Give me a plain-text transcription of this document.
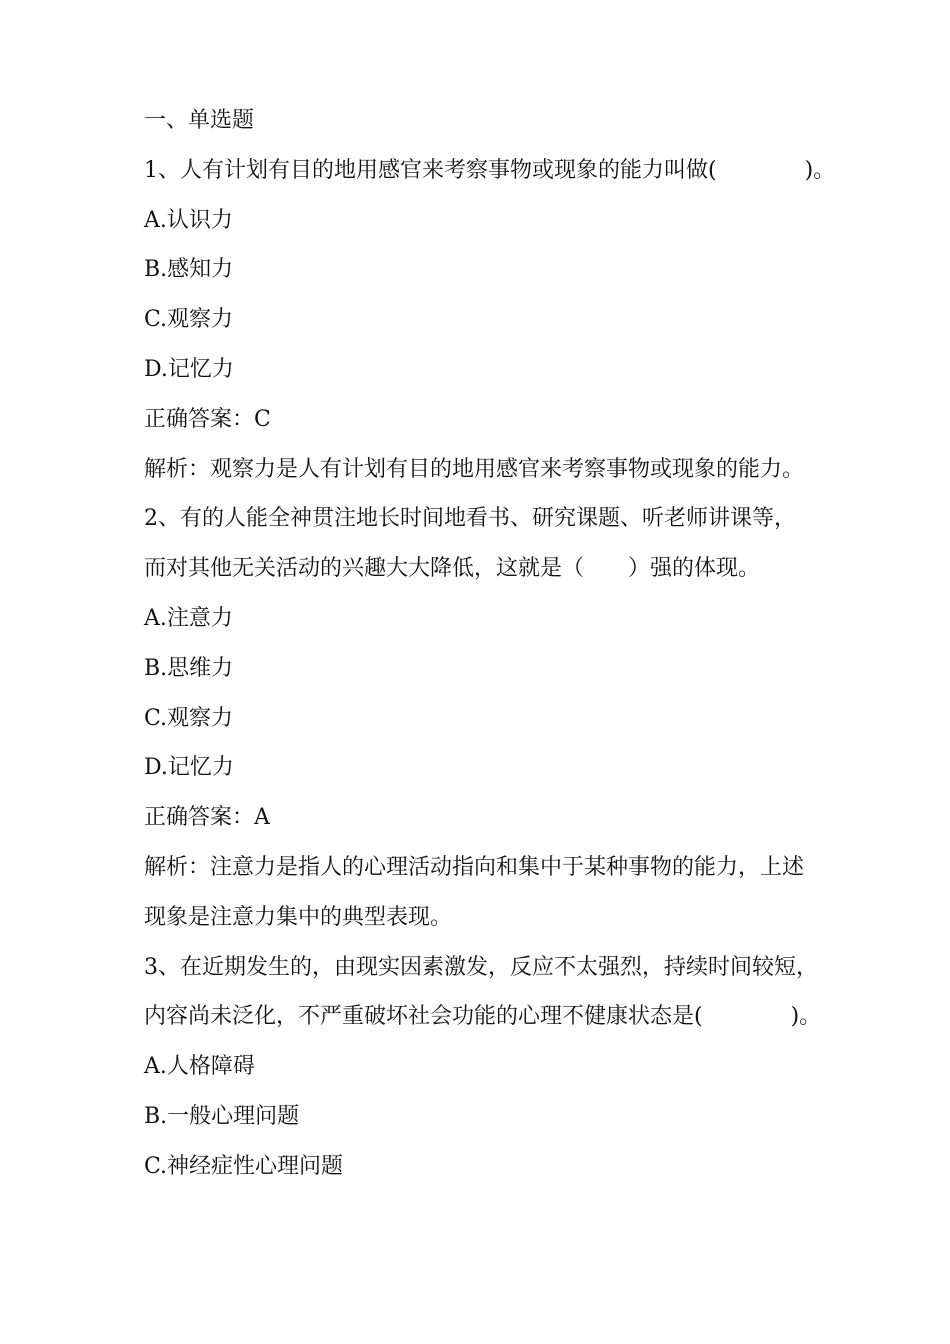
一、单选题
1、人有计划有目的地用感官来考察事物或现象的能力叫做(　　　　)。
A.认识力
B.感知力
C.观察力
D.记忆力
正确答案：C
解析：观察力是人有计划有目的地用感官来考察事物或现象的能力。
2、有的人能全神贯注地长时间地看书、研究课题、听老师讲课等，
而对其他无关活动的兴趣大大降低，这就是（　　）强的体现。
A.注意力
B.思维力
C.观察力
D.记忆力
正确答案：A
解析：注意力是指人的心理活动指向和集中于某种事物的能力，上述
现象是注意力集中的典型表现。
3、在近期发生的，由现实因素激发，反应不太强烈，持续时间较短，
内容尚未泛化，不严重破坏社会功能的心理不健康状态是(　　　　)。
A.人格障碍
B.一般心理问题
C.神经症性心理问题
